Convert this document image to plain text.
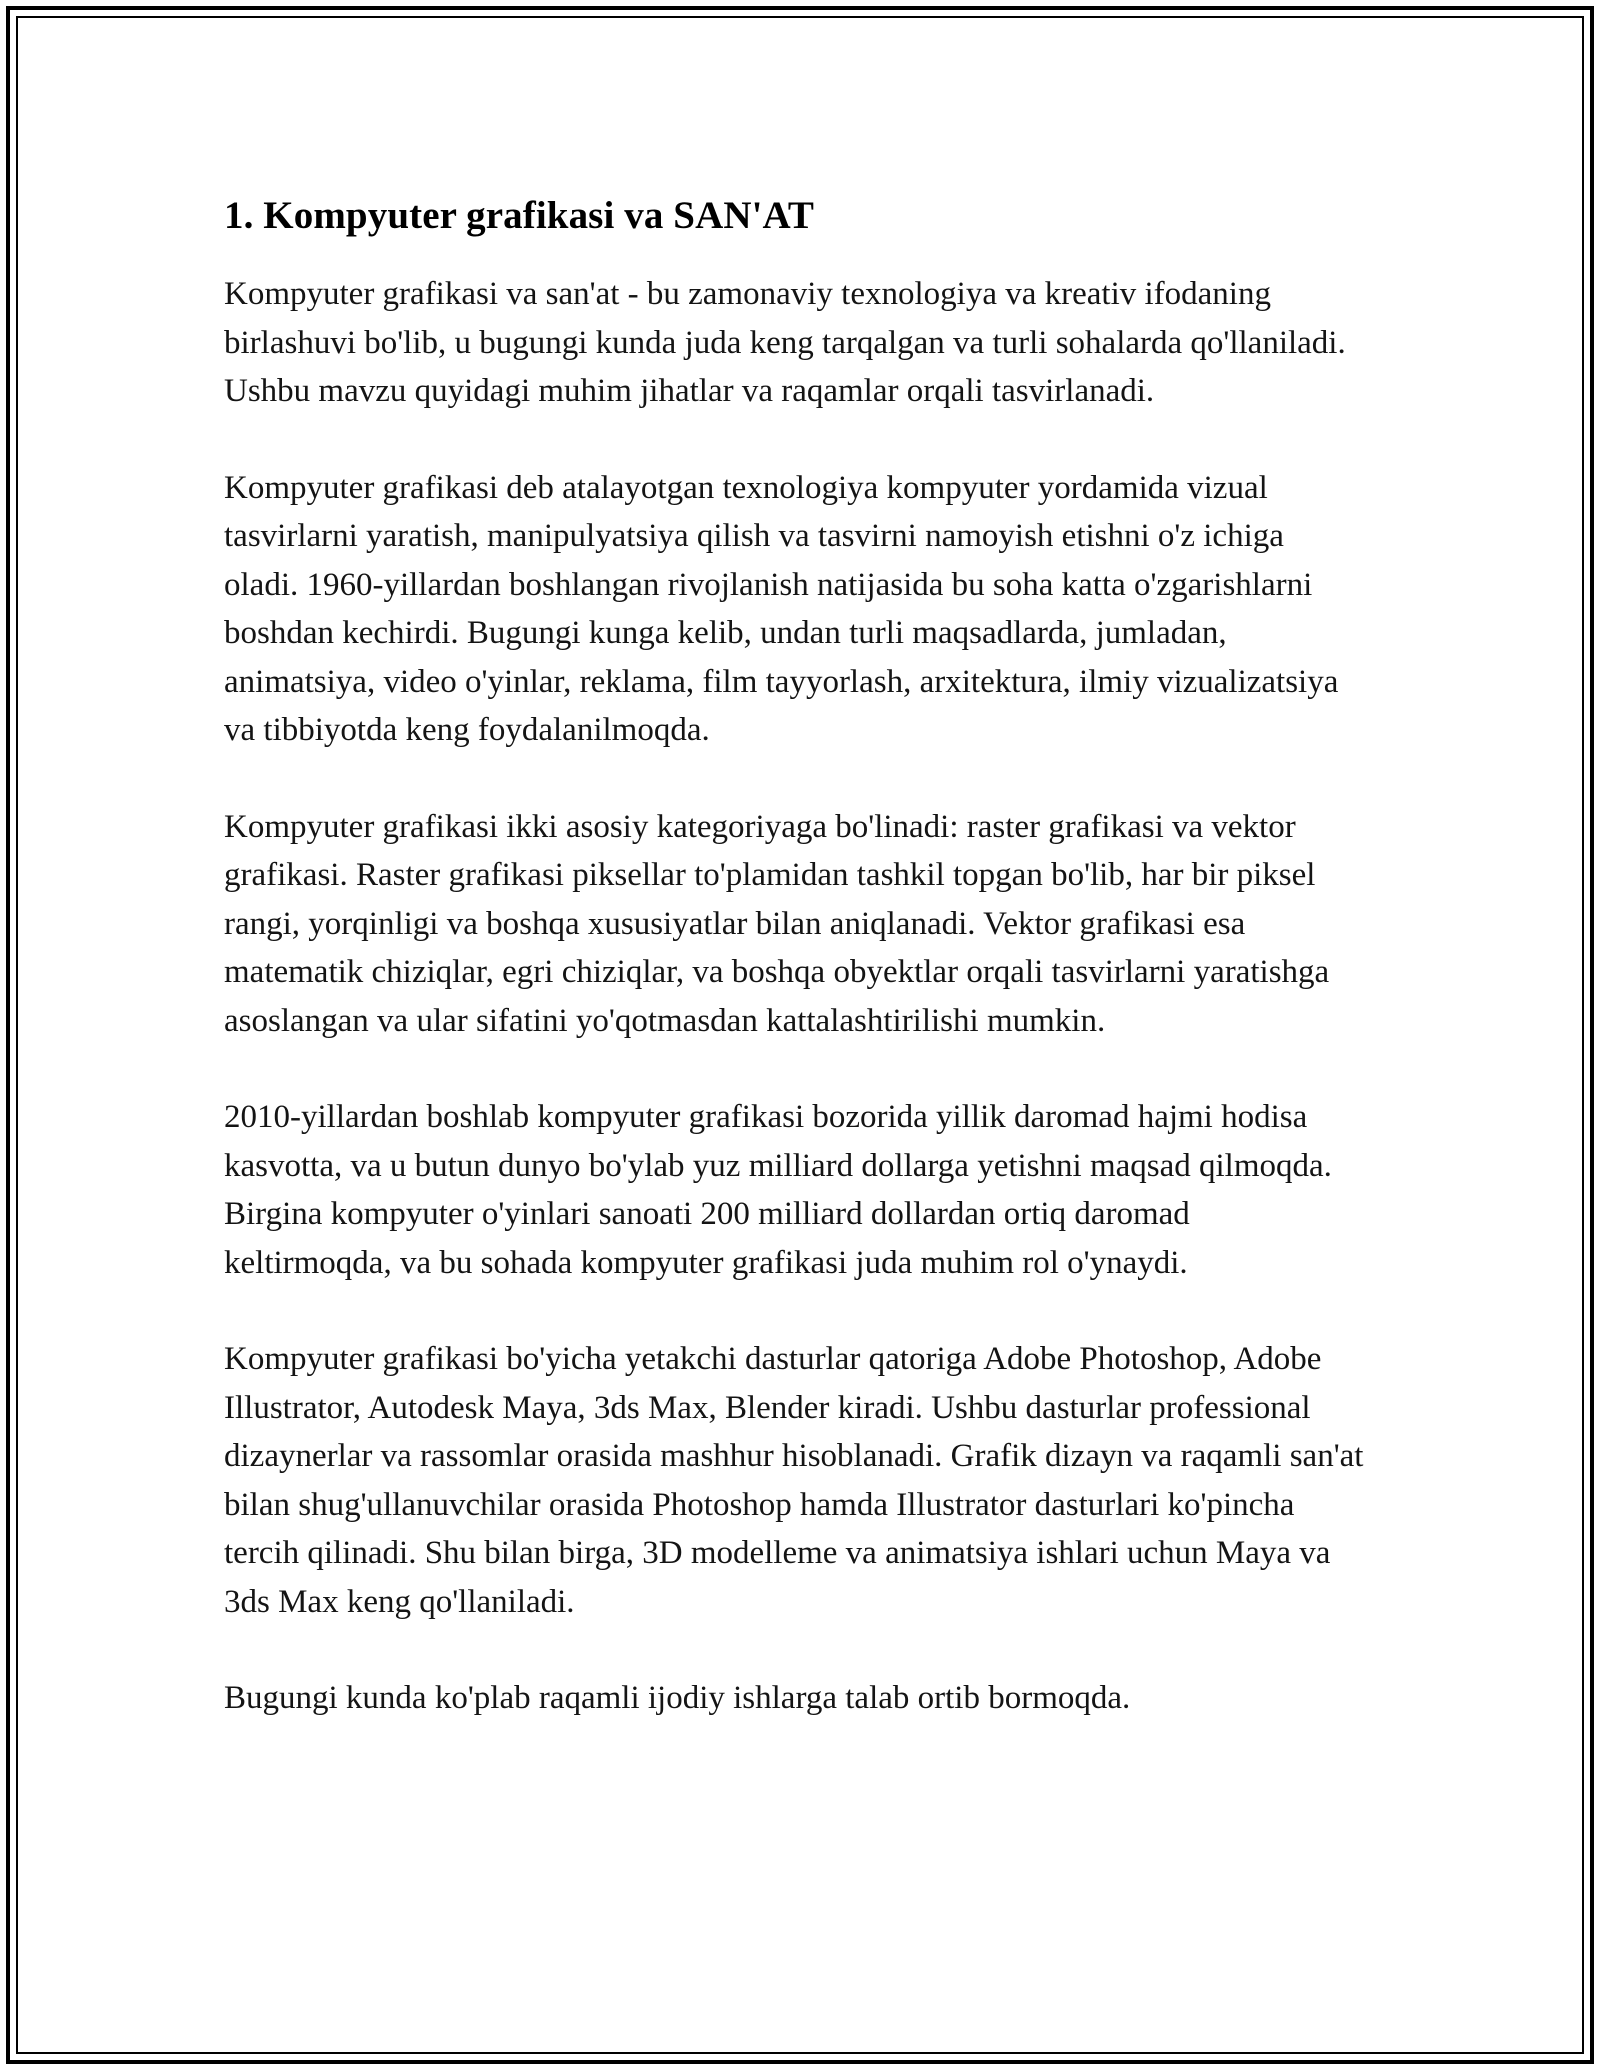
1. Kompyuter grafikasi va SAN'AT

Kompyuter grafikasi va san'at - bu zamonaviy texnologiya va kreativ ifodaning birlashuvi bo'lib, u bugungi kunda juda keng tarqalgan va turli sohalarda qo'llaniladi. Ushbu mavzu quyidagi muhim jihatlar va raqamlar orqali tasvirlanadi.

Kompyuter grafikasi deb atalayotgan texnologiya kompyuter yordamida vizual tasvirlarni yaratish, manipulyatsiya qilish va tasvirni namoyish etishni o'z ichiga oladi. 1960-yillardan boshlangan rivojlanish natijasida bu soha katta o'zgarishlarni boshdan kechirdi. Bugungi kunga kelib, undan turli maqsadlarda, jumladan, animatsiya, video o'yinlar, reklama, film tayyorlash, arxitektura, ilmiy vizualizatsiya va tibbiyotda keng foydalanilmoqda.

Kompyuter grafikasi ikki asosiy kategoriyaga bo'linadi: raster grafikasi va vektor grafikasi. Raster grafikasi piksellar to'plamidan tashkil topgan bo'lib, har bir piksel rangi, yorqinligi va boshqa xususiyatlar bilan aniqlanadi. Vektor grafikasi esa matematik chiziqlar, egri chiziqlar, va boshqa obyektlar orqali tasvirlarni yaratishga asoslangan va ular sifatini yo'qotmasdan kattalashtirilishi mumkin.

2010-yillardan boshlab kompyuter grafikasi bozorida yillik daromad hajmi hodisa kasvotta, va u butun dunyo bo'ylab yuz milliard dollarga yetishni maqsad qilmoqda. Birgina kompyuter o'yinlari sanoati 200 milliard dollardan ortiq daromad keltirmoqda, va bu sohada kompyuter grafikasi juda muhim rol o'ynaydi.

Kompyuter grafikasi bo'yicha yetakchi dasturlar qatoriga Adobe Photoshop, Adobe Illustrator, Autodesk Maya, 3ds Max, Blender kiradi. Ushbu dasturlar professional dizaynerlar va rassomlar orasida mashhur hisoblanadi. Grafik dizayn va raqamli san'at bilan shug'ullanuvchilar orasida Photoshop hamda Illustrator dasturlari ko'pincha tercih qilinadi. Shu bilan birga, 3D modelleme va animatsiya ishlari uchun Maya va 3ds Max keng qo'llaniladi.

Bugungi kunda ko'plab raqamli ijodiy ishlarga talab ortib bormoqda.
